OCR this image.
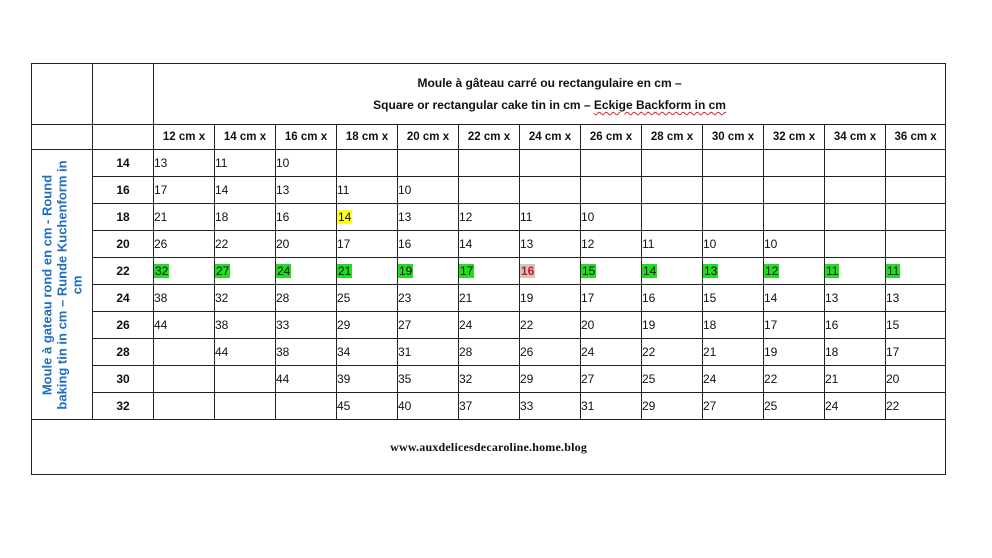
		Moule à gâteau carré ou rectangulaire en cm –
Square or rectangular cake tin in cm – Eckige Backform in cm												

		12 cm x	14 cm x	16 cm x	18 cm x	20 cm x	22 cm x	24 cm x	26 cm x	28 cm x	30 cm x	32 cm x	34 cm x	36 cm x

Moule à gateau rond en cm - Round baking tin in cm – Runde Kuchenform in cm	14	13	11	10										
	16	17	14	13	11	10								
	18	21	18	16	14	13	12	11	10					
	20	26	22	20	17	16	14	13	12	11	10	10		
	22	32	27	24	21	19	17	16	15	14	13	12	11	11
	24	38	32	28	25	23	21	19	17	16	15	14	13	13
	26	44	38	33	29	27	24	22	20	19	18	17	16	15
	28		44	38	34	31	28	26	24	22	21	19	18	17
	30			44	39	35	32	29	27	25	24	22	21	20
	32				45	40	37	33	31	29	27	25	24	22
www.auxdelicesdecaroline.home.blog														
